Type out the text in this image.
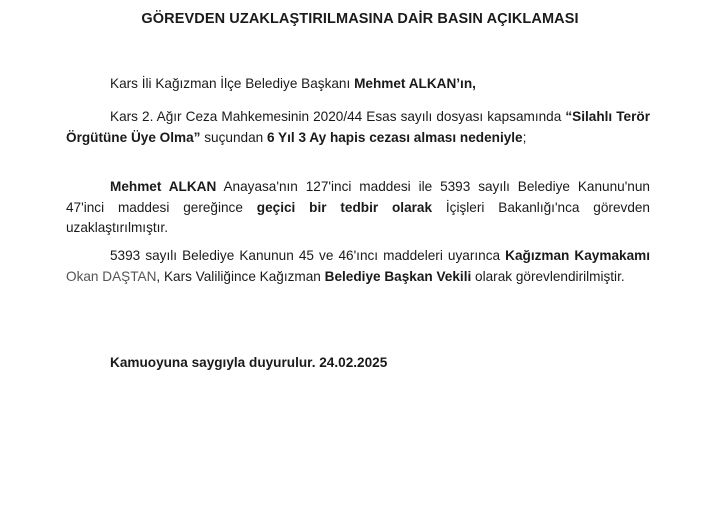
GÖREVDEN UZAKLAŞTIRILMASINA DAİR BASIN AÇIKLAMASI

Kars İli Kağızman İlçe Belediye Başkanı Mehmet ALKAN’ın,

Kars 2. Ağır Ceza Mahkemesinin 2020/44 Esas sayılı dosyası kapsamında “Silahlı Terör Örgütüne Üye Olma” suçundan 6 Yıl 3 Ay hapis cezası alması nedeniyle;

Mehmet ALKAN Anayasa'nın 127'inci maddesi ile 5393 sayılı Belediye Kanunu'nun 47'inci maddesi gereğince geçici bir tedbir olarak İçişleri Bakanlığı'nca görevden uzaklaştırılmıştır.

5393 sayılı Belediye Kanunun 45 ve 46'ıncı maddeleri uyarınca Kağızman Kaymakamı Okan DAŞTAN, Kars Valiliğince Kağızman Belediye Başkan Vekili olarak görevlendirilmiştir.

Kamuoyuna saygıyla duyurulur. 24.02.2025
